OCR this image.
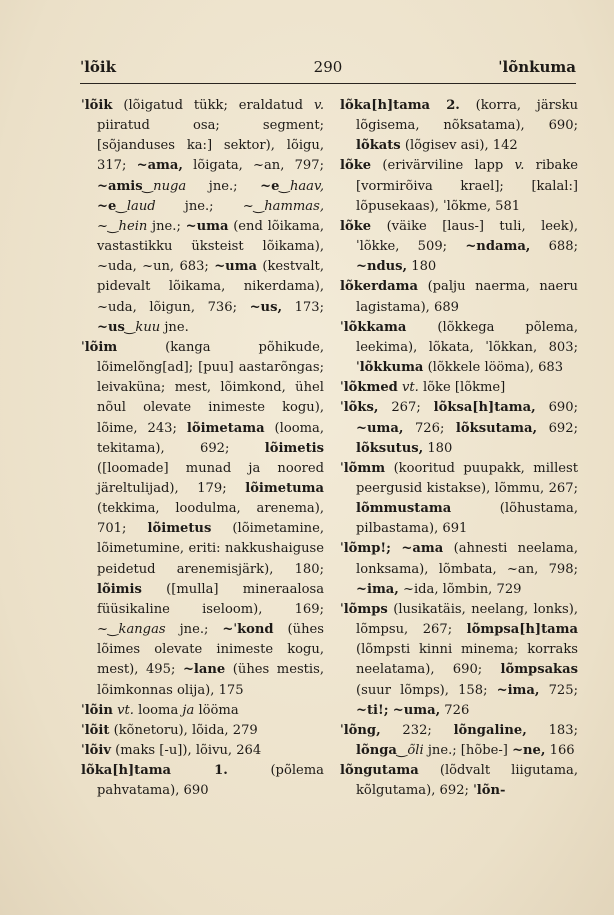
ˈlõik	290	ˈlõnkuma

ˈlõik (lõigatud tükk; eraldatud v. piiratud osa; segment; [sõjanduses ka:] sektor), lõigu, 317; ~ama, lõigata, ~an, 797; ~amis‿nuga jne.; ~e‿haav, ~e‿laud jne.; ~‿hammas, ~‿hein jne.; ~uma (end lõikama, vastastikku üksteist lõikama), ~uda, ~un, 683; ~uma (kestvalt, pidevalt lõikama, nikerdama), ~uda, lõigun, 736; ~us, 173; ~us‿kuu jne.

ˈlõim (kanga põhikude, lõimelõng[ad]; [puu] aastarõngas; leivaküna; mest, lõimkond, ühel nõul olevate inimeste kogu), lõime, 243; lõimetama (looma, tekitama), 692; lõimetis ([loomade] munad ja noored järeltulijad), 179; lõimetuma (tekkima, loodulma, arenema), 701; lõimetus (lõimetamine, lõimetumine, eriti: nakkushaiguse peidetud arenemisjärk), 180; lõimis ([mulla] mineraalosa füüsikaline iseloom), 169; ~‿kangas jne.; ~ˈkond (ühes lõimes olevate inimeste kogu, mest), 495; ~lane (ühes mestis, lõimkonnas olija), 175

ˈlõin vt. looma ja lööma

ˈlõit (kõnetoru), lõida, 279

ˈlõiv (maks [-u]), lõivu, 264

lõka[h]tama 1. (põlema pahvatama), 690

lõka[h]tama 2. (korra, järsku lõgisema, nõksatama), 690; lõkats (lõgisev asi), 142

lõke (erivärviline lapp v. ribake [vormirõiva krael]; [kalal:] lõpusekaas), ˈlõkme, 581

lõke (väike [laus-] tuli, leek), ˈlõkke, 509; ~ndama, 688; ~ndus, 180

lõkerdama (palju naerma, naeru lagistama), 689

ˈlõkkama (lõkkega põlema, leekima), lõkata, ˈlõkkan, 803; ˈlõkkuma (lõkkele lööma), 683

ˈlõkmed vt. lõke [lõkme]

ˈlõks, 267; lõksa[h]tama, 690; ~uma, 726; lõksutama, 692; lõksutus, 180

ˈlõmm (kooritud puupakk, millest peergusid kistakse), lõmmu, 267; lõmmustama (lõhustama, pilbastama), 691

ˈlõmp!; ~ama (ahnesti neelama, lonksama), lõmbata, ~an, 798; ~ima, ~ida, lõmbin, 729

ˈlõmps (lusikatäis, neelang, lonks), lõmpsu, 267; lõmpsa[h]tama (lõmpsti kinni minema; korraks neelatama), 690; lõmpsakas (suur lõmps), 158; ~ima, 725; ~ti!; ~uma, 726

ˈlõng, 232; lõngaline, 183; lõnga‿õli jne.; [hõbe-] ~ne, 166

lõngutama (lõdvalt liigutama, kõlgutama), 692; ˈlõn-
